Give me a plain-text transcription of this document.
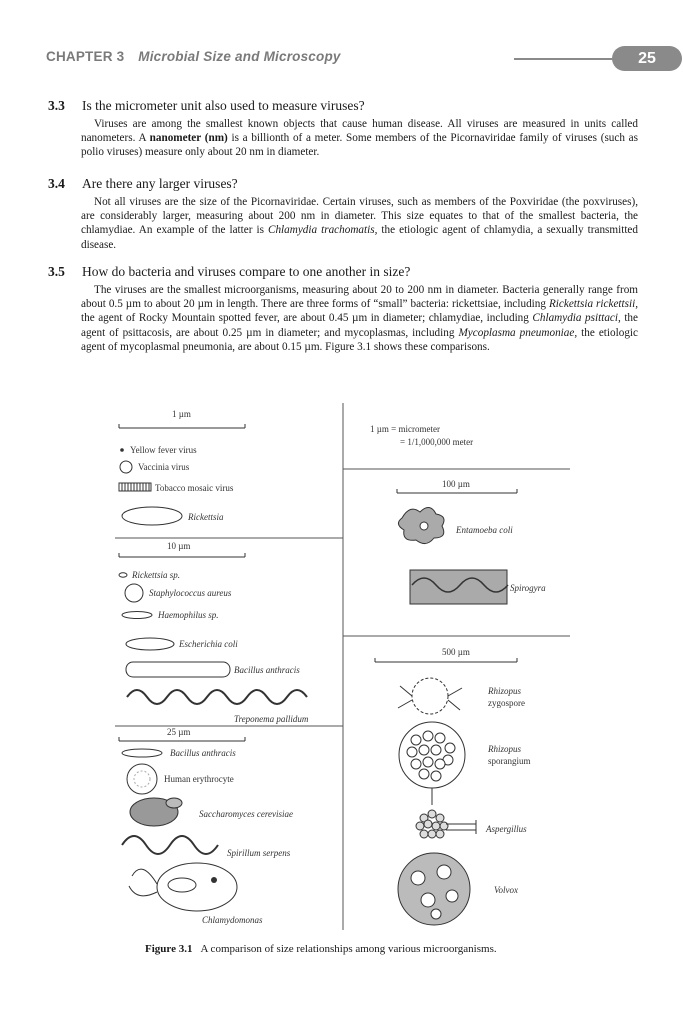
CHAPTER 3 Microbial Size and Microscopy	25
3.3 Is the micrometer unit also used to measure viruses?
Viruses are among the smallest known objects that cause human disease. All viruses are measured in units called nanometers. A nanometer (nm) is a billionth of a meter. Some members of the Picornaviridae family of viruses (such as polio viruses) measure only about 20 nm in diameter.
3.4 Are there any larger viruses?
Not all viruses are the size of the Picornaviridae. Certain viruses, such as members of the Poxviridae (the poxviruses), are considerably larger, measuring about 200 nm in diameter. This size equates to that of the smallest bacteria, the chlamydiae. An example of the latter is Chlamydia trachomatis, the etiologic agent of chlamydia, a sexually transmitted disease.
3.5 How do bacteria and viruses compare to one another in size?
The viruses are the smallest microorganisms, measuring about 20 to 200 nm in diameter. Bacteria generally range from about 0.5 µm to about 20 µm in length. There are three forms of “small” bacteria: rickettsiae, including Rickettsia rickettsii, the agent of Rocky Mountain spotted fever, are about 0.45 µm in diameter; chlamydiae, including Chlamydia psittaci, the agent of psittacosis, are about 0.25 µm in diameter; and mycoplasmas, including Mycoplasma pneumoniae, the etiologic agent of mycoplasmal pneumonia, are about 0.15 µm. Figure 3.1 shows these comparisons.
1 µm
Yellow fever virus
Vaccinia virus
Tobacco mosaic virus
Rickettsia
10 µm
Rickettsia sp.
Staphylococcus aureus
Haemophilus sp.
Escherichia coli
Bacillus anthracis
Treponema pallidum
25 µm
Bacillus anthracis
Human erythrocyte
Saccharomyces cerevisiae
Spirillum serpens
Chlamydomonas
1 µm = micrometer
= 1/1,000,000 meter
100 µm
Entamoeba coli
Spirogyra
500 µm
Rhizopus
zygospore
Rhizopus
sporangium
Aspergillus
Volvox
Figure 3.1 A comparison of size relationships among various microorganisms.
